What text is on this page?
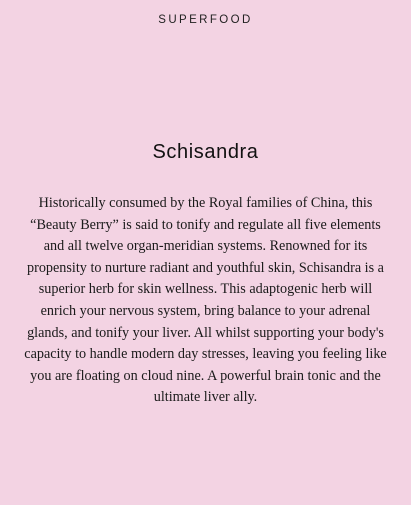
SUPERFOOD
Schisandra

Historically consumed by the Royal families of China, this “Beauty Berry” is said to tonify and regulate all five elements and all twelve organ-meridian systems. Renowned for its propensity to nurture radiant and youthful skin, Schisandra is a superior herb for skin wellness. This adaptogenic herb will enrich your nervous system, bring balance to your adrenal glands, and tonify your liver. All whilst supporting your body's capacity to handle modern day stresses, leaving you feeling like you are floating on cloud nine. A powerful brain tonic and the ultimate liver ally.
